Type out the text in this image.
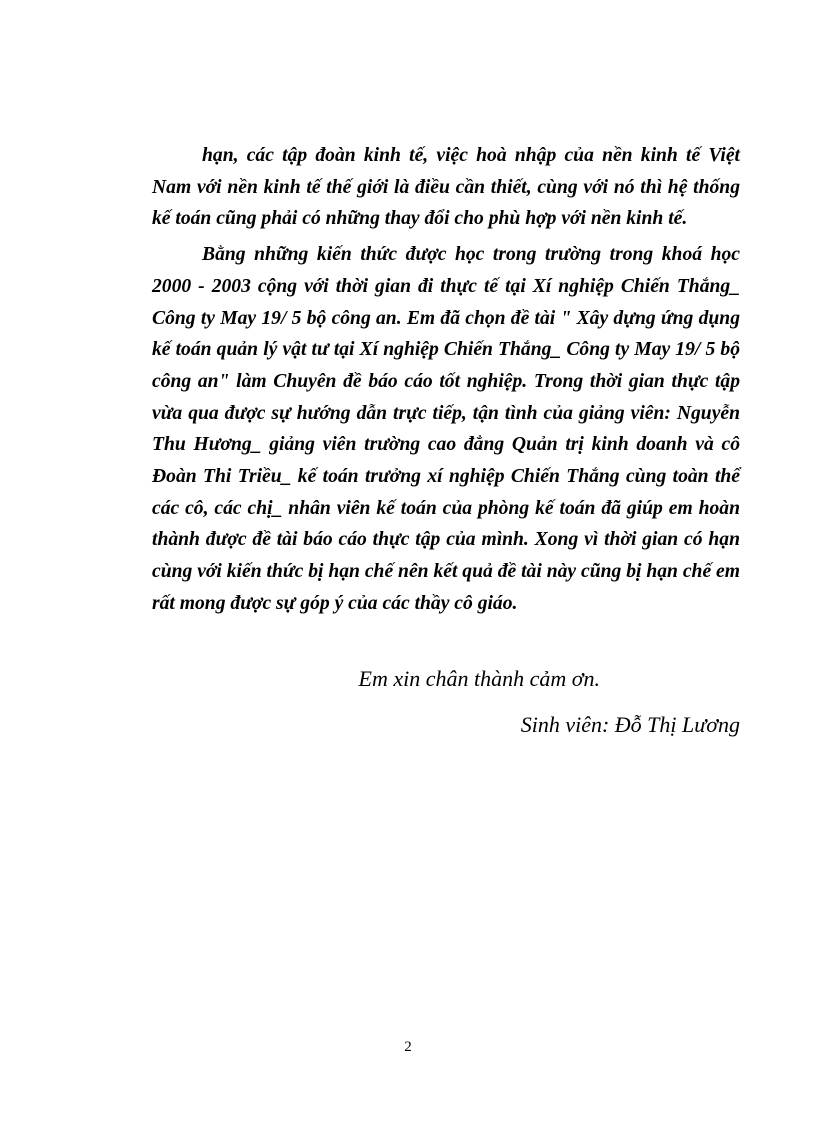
hạn, các tập đoàn kinh tế, việc hoà nhập của nền kinh tế Việt Nam với nền kinh tế thế giới là điều cần thiết, cùng với nó thì hệ thống kế toán cũng phải có những thay đổi cho phù hợp với nền kinh tế.

Bằng những kiến thức được học trong trường trong khoá học 2000 - 2003 cộng với thời gian đi thực tế tại Xí nghiệp Chiến Thắng_ Công ty May 19/ 5 bộ công an. Em đã chọn đề tài " Xây dựng ứng dụng kế toán quản lý vật tư tại Xí nghiệp Chiến Thắng_ Công ty May 19/ 5 bộ công an" làm Chuyên đề báo cáo tốt nghiệp. Trong thời gian thực tập vừa qua được sự hướng dẫn trực tiếp, tận tình của giảng viên: Nguyễn Thu Hương_ giảng viên trường cao đẳng Quản trị kinh doanh và cô Đoàn Thi Triều_ kế toán trưởng xí nghiệp Chiến Thắng cùng toàn thể các cô, các chị_ nhân viên kế toán của phòng kế toán đã giúp em hoàn thành được đề tài báo cáo thực tập của mình. Xong vì thời gian có hạn cùng với kiến thức bị hạn chế nên kết quả đề tài này cũng bị hạn chế em rất mong được sự góp ý của các thầy cô giáo.

Em xin chân thành cảm ơn.
Sinh viên: Đỗ Thị Lương
2
